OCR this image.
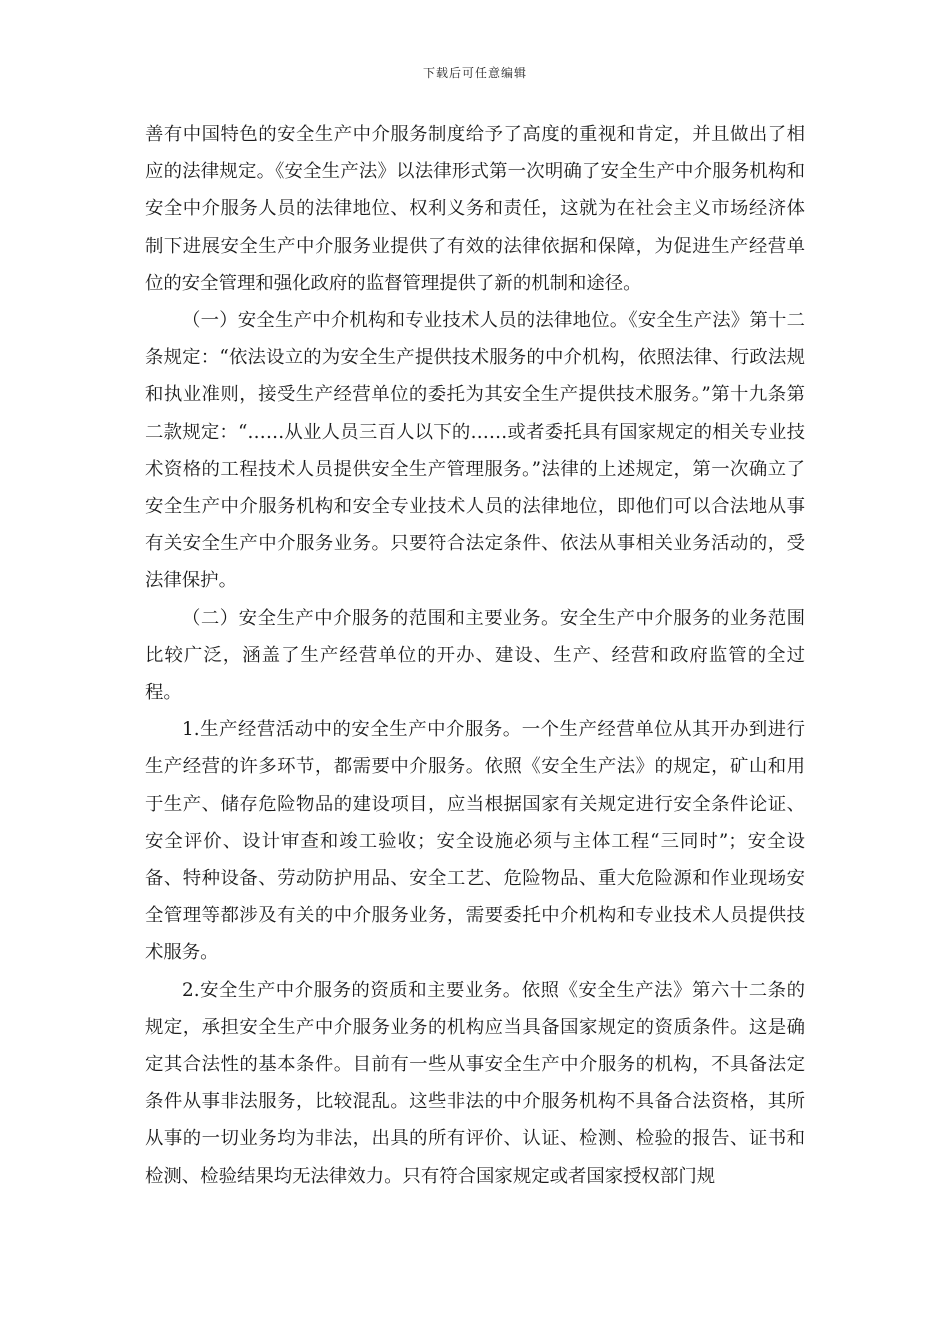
下载后可任意编辑

善有中国特色的安全生产中介服务制度给予了高度的重视和肯定，并且做出了相应的法律规定。《安全生产法》以法律形式第一次明确了安全生产中介服务机构和安全中介服务人员的法律地位、权利义务和责任，这就为在社会主义市场经济体制下进展安全生产中介服务业提供了有效的法律依据和保障，为促进生产经营单位的安全管理和强化政府的监督管理提供了新的机制和途径。

（一）安全生产中介机构和专业技术人员的法律地位。《安全生产法》第十二条规定：“依法设立的为安全生产提供技术服务的中介机构，依照法律、行政法规和执业准则，接受生产经营单位的委托为其安全生产提供技术服务。”第十九条第二款规定：“……从业人员三百人以下的……或者委托具有国家规定的相关专业技术资格的工程技术人员提供安全生产管理服务。”法律的上述规定，第一次确立了安全生产中介服务机构和安全专业技术人员的法律地位，即他们可以合法地从事有关安全生产中介服务业务。只要符合法定条件、依法从事相关业务活动的，受法律保护。

（二）安全生产中介服务的范围和主要业务。安全生产中介服务的业务范围比较广泛，涵盖了生产经营单位的开办、建设、生产、经营和政府监管的全过程。

1.生产经营活动中的安全生产中介服务。一个生产经营单位从其开办到进行生产经营的许多环节，都需要中介服务。依照《安全生产法》的规定，矿山和用于生产、储存危险物品的建设项目，应当根据国家有关规定进行安全条件论证、安全评价、设计审查和竣工验收；安全设施必须与主体工程“三同时”；安全设备、特种设备、劳动防护用品、安全工艺、危险物品、重大危险源和作业现场安全管理等都涉及有关的中介服务业务，需要委托中介机构和专业技术人员提供技术服务。

2.安全生产中介服务的资质和主要业务。依照《安全生产法》第六十二条的规定，承担安全生产中介服务业务的机构应当具备国家规定的资质条件。这是确定其合法性的基本条件。目前有一些从事安全生产中介服务的机构，不具备法定条件从事非法服务，比较混乱。这些非法的中介服务机构不具备合法资格，其所从事的一切业务均为非法，出具的所有评价、认证、检测、检验的报告、证书和检测、检验结果均无法律效力。只有符合国家规定或者国家授权部门规
